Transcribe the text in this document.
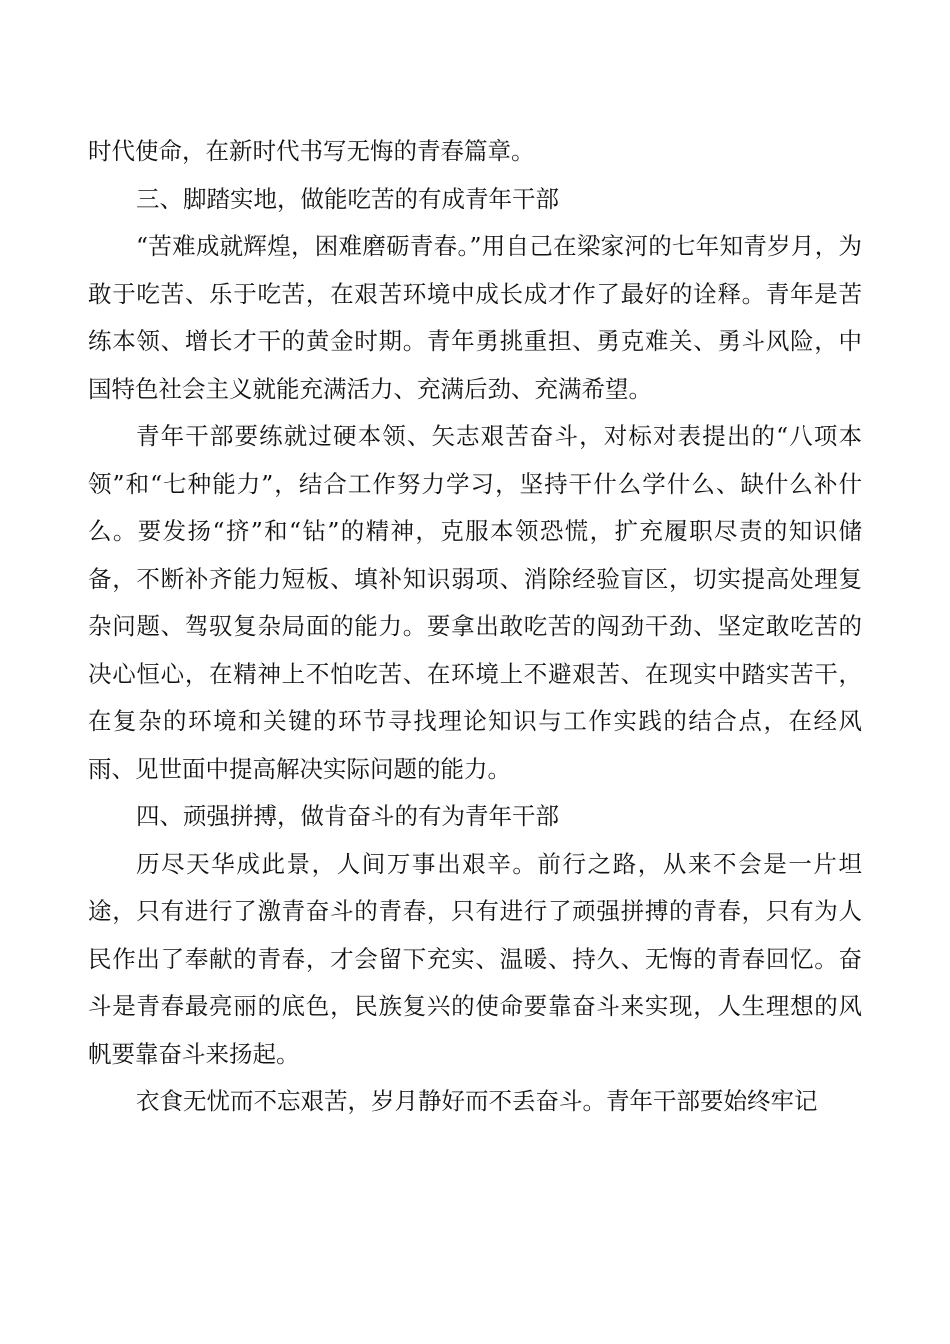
时代使命，在新时代书写无悔的青春篇章。

三、脚踏实地，做能吃苦的有成青年干部

“苦难成就辉煌，困难磨砺青春。”用自己在梁家河的七年知青岁月，为敢于吃苦、乐于吃苦，在艰苦环境中成长成才作了最好的诠释。青年是苦练本领、增长才干的黄金时期。青年勇挑重担、勇克难关、勇斗风险，中国特色社会主义就能充满活力、充满后劲、充满希望。

青年干部要练就过硬本领、矢志艰苦奋斗，对标对表提出的“八项本领”和“七种能力”，结合工作努力学习，坚持干什么学什么、缺什么补什么。要发扬“挤”和“钻”的精神，克服本领恐慌，扩充履职尽责的知识储备，不断补齐能力短板、填补知识弱项、消除经验盲区，切实提高处理复杂问题、驾驭复杂局面的能力。要拿出敢吃苦的闯劲干劲、坚定敢吃苦的决心恒心，在精神上不怕吃苦、在环境上不避艰苦、在现实中踏实苦干，在复杂的环境和关键的环节寻找理论知识与工作实践的结合点，在经风雨、见世面中提高解决实际问题的能力。

四、顽强拼搏，做肯奋斗的有为青年干部

历尽天华成此景，人间万事出艰辛。前行之路，从来不会是一片坦途，只有进行了激青奋斗的青春，只有进行了顽强拼搏的青春，只有为人民作出了奉献的青春，才会留下充实、温暖、持久、无悔的青春回忆。奋斗是青春最亮丽的底色，民族复兴的使命要靠奋斗来实现，人生理想的风帆要靠奋斗来扬起。

衣食无忧而不忘艰苦，岁月静好而不丢奋斗。青年干部要始终牢记
